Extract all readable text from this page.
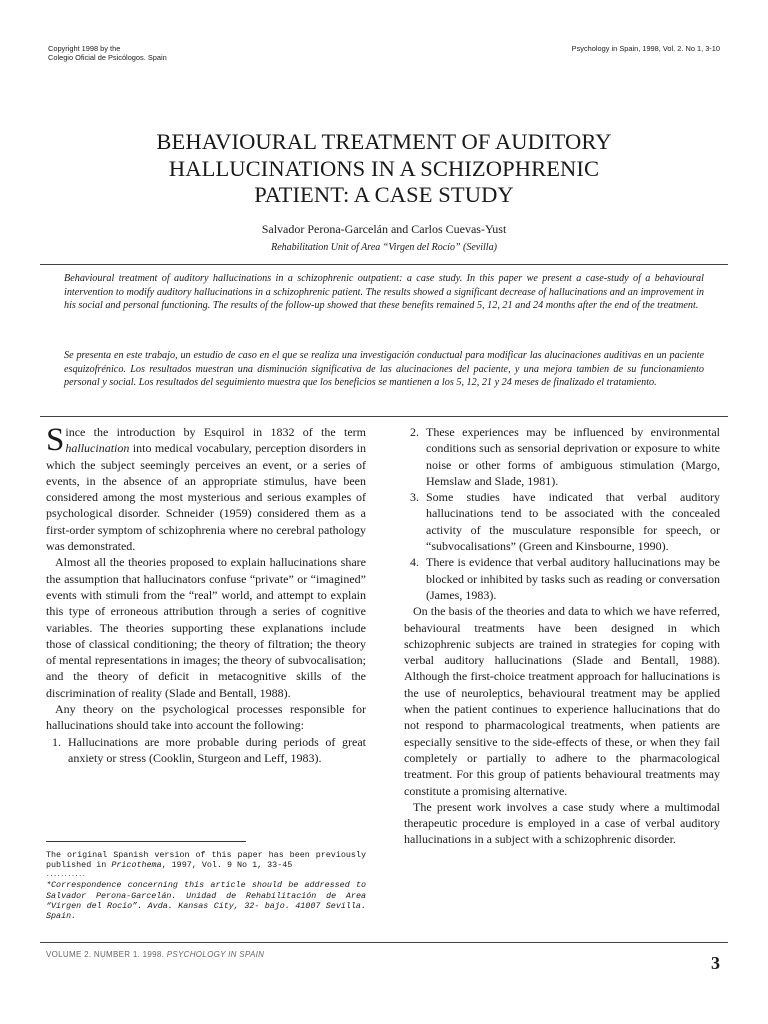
Copyright 1998 by the
Colegio Oficial de Psicólogos. Spain
Psychology in Spain, 1998, Vol. 2. No 1, 3-10
BEHAVIOURAL TREATMENT OF AUDITORY
HALLUCINATIONS IN A SCHIZOPHRENIC
PATIENT: A CASE STUDY
Salvador Perona-Garcelán and Carlos Cuevas-Yust
Rehabilitation Unit of Area “Virgen del Rocío” (Sevilla)

Behavioural treatment of auditory hallucinations in a schizophrenic outpatient: a case study. In this paper we present a case-study of a behavioural intervention to modify auditory hallucinations in a schizophrenic patient. The results showed a significant decrease of hallucinations and an improvement in his social and personal functioning. The results of the follow-up showed that these benefits remained 5, 12, 21 and 24 months after the end of the treatment.

Se presenta en este trabajo, un estudio de caso en el que se realiza una investigación conductual para modificar las alucinaciones auditivas en un paciente esquizofrénico. Los resultados muestran una disminución significativa de las alucinaciones del paciente, y una mejora tambien de su funcionamiento personal y social. Los resultados del seguimiento muestra que los beneficios se mantienen a los 5, 12, 21 y 24 meses de finalizado el tratamiento.

Since the introduction by Esquirol in 1832 of the term hallucination into medical vocabulary, perception disorders in which the subject seemingly perceives an event, or a series of events, in the absence of an appropriate stimulus, have been considered among the most mysterious and serious examples of psychological disorder. Schneider (1959) considered them as a first-order symptom of schizophrenia where no cerebral pathology was demonstrated.

Almost all the theories proposed to explain hallucinations share the assumption that hallucinators confuse “private” or “imagined” events with stimuli from the “real” world, and attempt to explain this type of erroneous attribution through a series of cognitive variables. The theories supporting these explanations include those of classical conditioning; the theory of filtration; the theory of mental representations in images; the theory of subvocalisation; and the theory of deficit in metacognitive skills of the discrimination of reality (Slade and Bentall, 1988).

Any theory on the psychological processes responsible for hallucinations should take into account the following:

1. Hallucinations are more probable during periods of great anxiety or stress (Cooklin, Sturgeon and Leff, 1983).
2. These experiences may be influenced by environmental conditions such as sensorial deprivation or exposure to white noise or other forms of ambiguous stimulation (Margo, Hemslaw and Slade, 1981).
3. Some studies have indicated that verbal auditory hallucinations tend to be associated with the concealed activity of the musculature responsible for speech, or “subvocalisations” (Green and Kinsbourne, 1990).
4. There is evidence that verbal auditory hallucinations may be blocked or inhibited by tasks such as reading or conversation (James, 1983).

On the basis of the theories and data to which we have referred, behavioural treatments have been designed in which schizophrenic subjects are trained in strategies for coping with verbal auditory hallucinations (Slade and Bentall, 1988). Although the first-choice treatment approach for hallucinations is the use of neuroleptics, behavioural treatment may be applied when the patient continues to experience hallucinations that do not respond to pharmacological treatments, when patients are especially sensitive to the side-effects of these, or when they fail completely or partially to adhere to the pharmacological treatment. For this group of patients behavioural treatments may constitute a promising alternative.

The present work involves a case study where a multimodal therapeutic procedure is employed in a case of verbal auditory hallucinations in a subject with a schizophrenic disorder.

The original Spanish version of this paper has been previously published in Pricothema, 1997, Vol. 9 No 1, 33-45

...........

*Correspondence concerning this article should be addressed to Salvador Perona-Garcelán. Unidad de Rehabilitación de Area “Virgen del Rocío”. Avda. Kansas City, 32- bajo. 41007 Sevilla. Spain.

VOLUME 2. NUMBER 1. 1998. PSYCHOLOGY IN SPAIN	3
